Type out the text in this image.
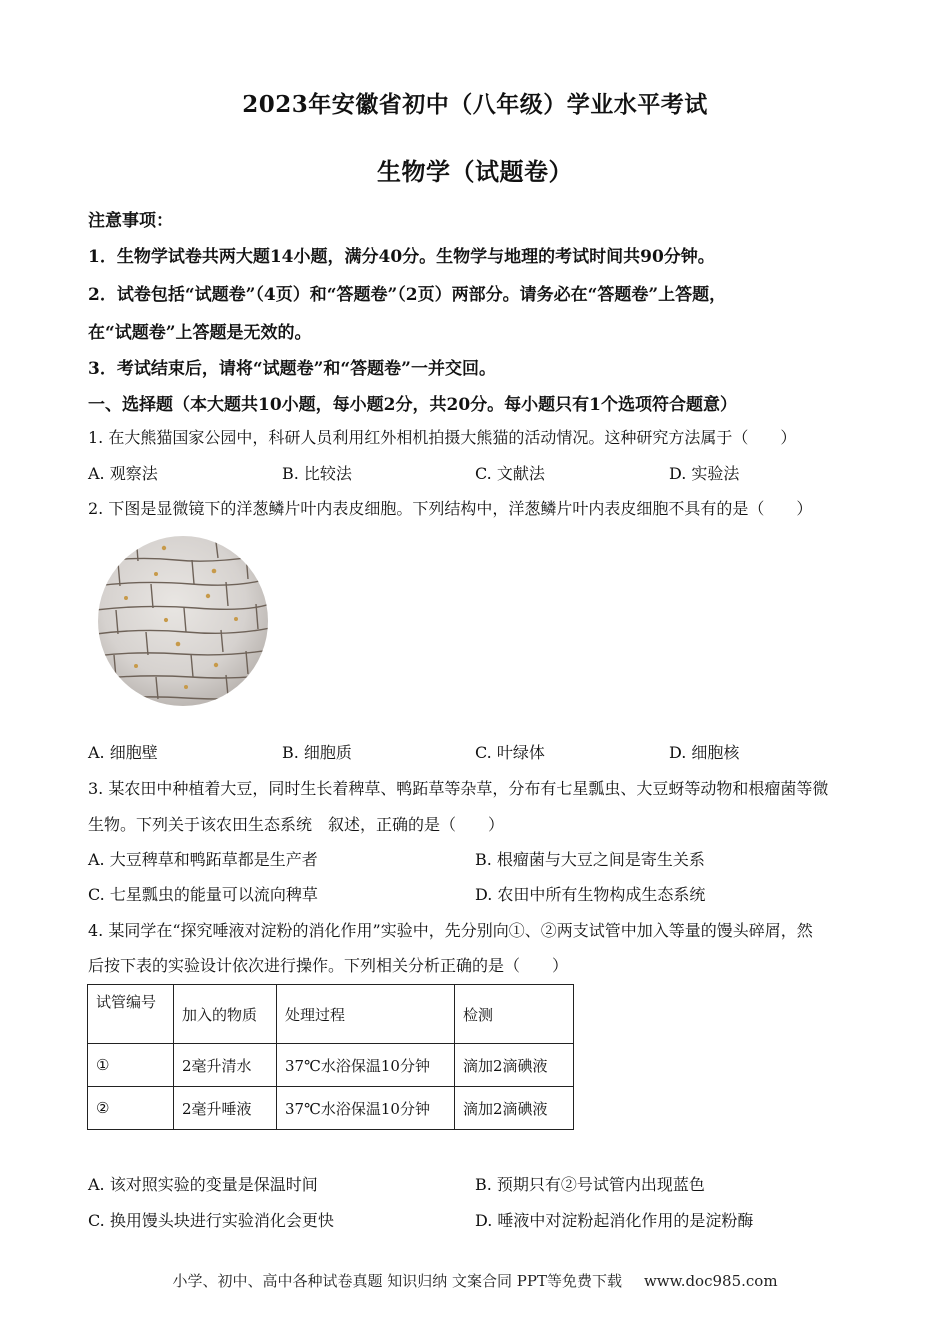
2023年安徽省初中（八年级）学业水平考试
生物学（试题卷）
注意事项：
1．生物学试卷共两大题14小题，满分40分。生物学与地理的考试时间共90分钟。
2．试卷包括“试题卷”（4页）和“答题卷”（2页）两部分。请务必在“答题卷”上答题，
在“试题卷”上答题是无效的。
3．考试结束后，请将“试题卷”和“答题卷”一并交回。
一、选择题（本大题共10小题，每小题2分，共20分。每小题只有1个选项符合题意）
1. 在大熊猫国家公园中，科研人员利用红外相机拍摄大熊猫的活动情况。这种研究方法属于（　　）
A. 观察法	B. 比较法	C. 文献法	D. 实验法
2. 下图是显微镜下的洋葱鳞片叶内表皮细胞。下列结构中，洋葱鳞片叶内表皮细胞不具有的是（　　）
A. 细胞壁	B. 细胞质	C. 叶绿体	D. 细胞核
3. 某农田中种植着大豆，同时生长着稗草、鸭跖草等杂草，分布有七星瓢虫、大豆蚜等动物和根瘤菌等微
生物。下列关于该农田生态系统　叙述，正确的是（　　）
A. 大豆稗草和鸭跖草都是生产者	B. 根瘤菌与大豆之间是寄生关系
C. 七星瓢虫的能量可以流向稗草	D. 农田中所有生物构成生态系统
4. 某同学在“探究唾液对淀粉的消化作用”实验中，先分别向①、②两支试管中加入等量的馒头碎屑，然
后按下表的实验设计依次进行操作。下列相关分析正确的是（　　）
试管编号	加入的物质	处理过程	检测
①	2毫升清水	37℃水浴保温10分钟	滴加2滴碘液
②	2毫升唾液	37℃水浴保温10分钟	滴加2滴碘液
A. 该对照实验的变量是保温时间	B. 预期只有②号试管内出现蓝色
C. 换用馒头块进行实验消化会更快	D. 唾液中对淀粉起消化作用的是淀粉酶
小学、初中、高中各种试卷真题 知识归纳 文案合同 PPT等免费下载 www.doc985.com
